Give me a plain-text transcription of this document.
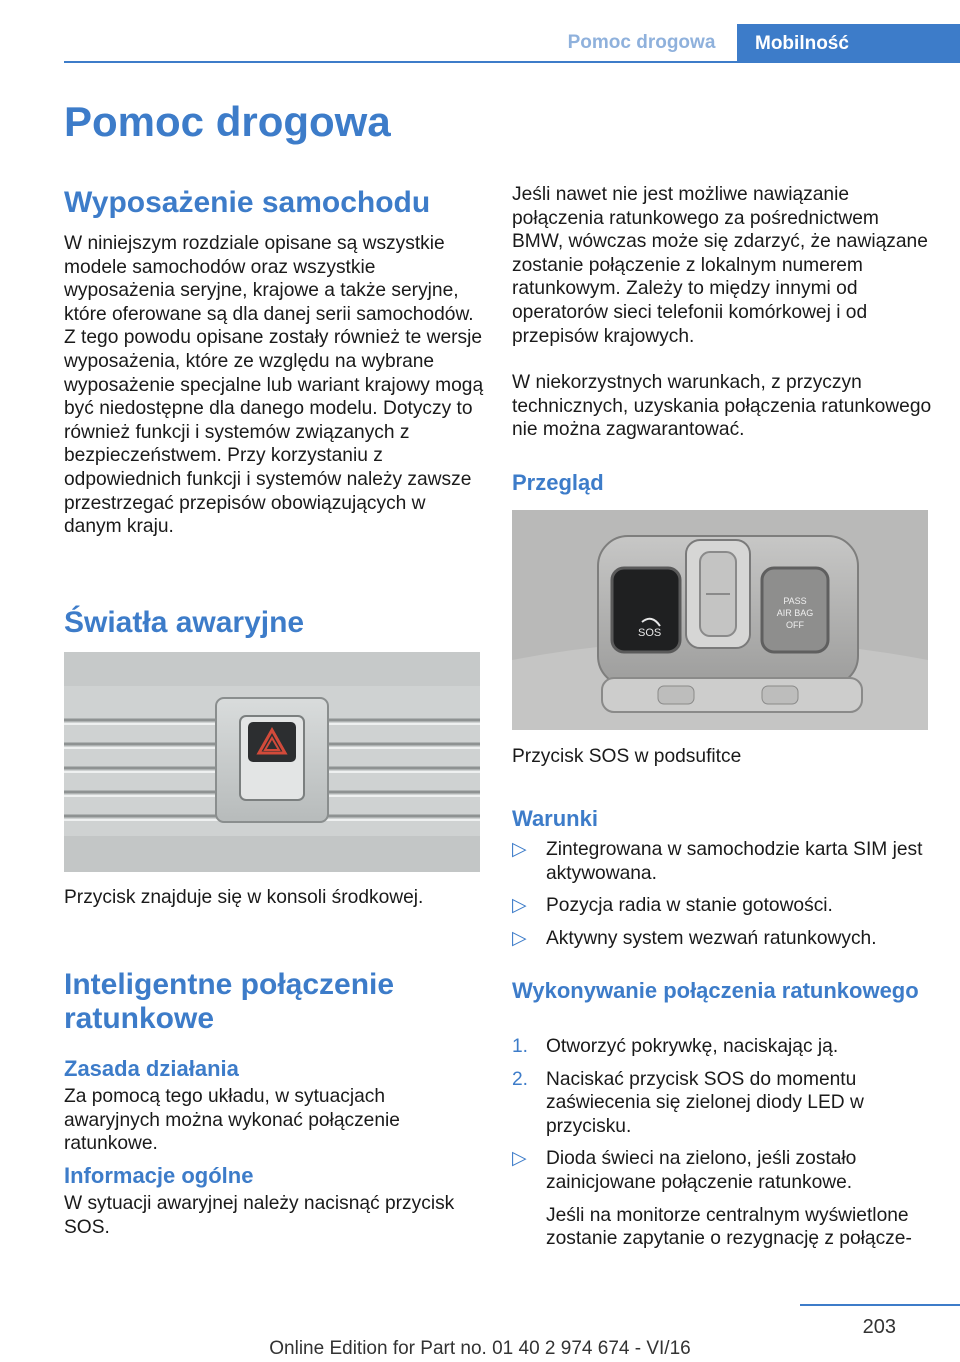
Pomoc drogowa	Mobilność
Pomoc drogowa
Wyposażenie samochodu

W niniejszym rozdziale opisane są wszystkie modele samochodów oraz wszystkie wyposażenia seryjne, krajowe a także seryjne, które oferowane są dla danej serii samochodów. Z tego powodu opisane zostały również te wersje wyposażenia, które ze względu na wybrane wyposażenie specjalne lub wariant krajowy mogą być niedostępne dla danego modelu. Dotyczy to również funkcji i systemów związanych z bezpieczeństwem. Przy korzystaniu z odpowiednich funkcji i systemów należy zawsze przestrzegać przepisów obowiązujących w danym kraju.

Światła awaryjne
Przycisk znajduje się w konsoli środkowej.
Inteligentne połączenie ratunkowe
Zasada działania

Za pomocą tego układu, w sytuacjach awaryjnych można wykonać połączenie ratunkowe.

Informacje ogólne

W sytuacji awaryjnej należy nacisnąć przycisk SOS.

Jeśli nawet nie jest możliwe nawiązanie połączenia ratunkowego za pośrednictwem BMW, wówczas może się zdarzyć, że nawiązane zostanie połączenie z lokalnym numerem ratunkowym. Zależy to między innymi od operatorów sieci telefonii komórkowej i od przepisów krajowych.

W niekorzystnych warunkach, z przyczyn technicznych, uzyskania połączenia ratunkowego nie można zagwarantować.

Przegląd
SOS
PASS
AIR BAG
OFF
Przycisk SOS w podsufitce
Warunki
▷	Zintegrowana w samochodzie karta SIM jest aktywowana.
▷	Pozycja radia w stanie gotowości.
▷	Aktywny system wezwań ratunkowych.
Wykonywanie połączenia ratunkowego
1. Otworzyć pokrywkę, naciskając ją.
2. Naciskać przycisk SOS do momentu zaświecenia się zielonej diody LED w przycisku.
▷	Dioda świeci na zielono, jeśli zostało zainicjowane połączenie ratunkowe.
Jeśli na monitorze centralnym wyświetlone zostanie zapytanie o rezygnację z połącze-
203
Online Edition for Part no. 01 40 2 974 674 - VI/16
